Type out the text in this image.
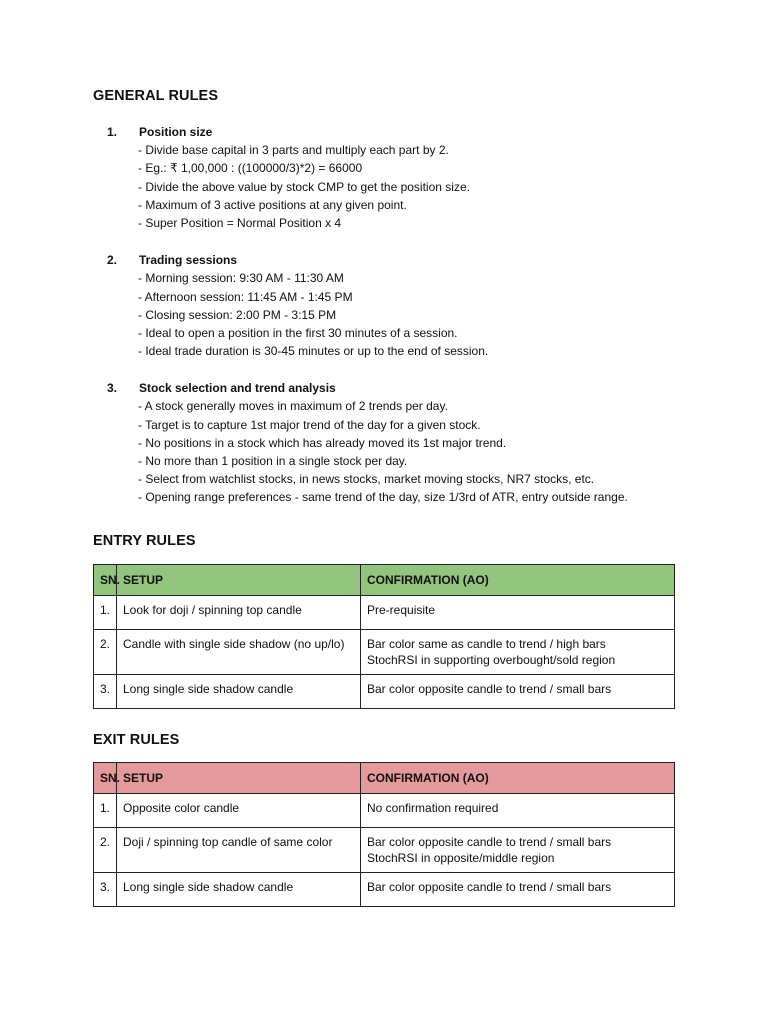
GENERAL RULES
1. Position size
- Divide base capital in 3 parts and multiply each part by 2.
- Eg.: ₹ 1,00,000 : ((100000/3)*2) = 66000
- Divide the above value by stock CMP to get the position size.
- Maximum of 3 active positions at any given point.
- Super Position = Normal Position x 4
2. Trading sessions
- Morning session: 9:30 AM - 11:30 AM
- Afternoon session: 11:45 AM - 1:45 PM
- Closing session: 2:00 PM - 3:15 PM
- Ideal to open a position in the first 30 minutes of a session.
- Ideal trade duration is 30-45 minutes or up to the end of session.
3. Stock selection and trend analysis
- A stock generally moves in maximum of 2 trends per day.
- Target is to capture 1st major trend of the day for a given stock.
- No positions in a stock which has already moved its 1st major trend.
- No more than 1 position in a single stock per day.
- Select from watchlist stocks, in news stocks, market moving stocks, NR7 stocks, etc.
- Opening range preferences - same trend of the day, size 1/3rd of ATR, entry outside range.
ENTRY RULES
SN.	SETUP	CONFIRMATION (AO)
1.	Look for doji / spinning top candle	Pre-requisite

2.	Candle with single side shadow (no up/lo)	Bar color same as candle to trend / high bars
StochRSI in supporting overbought/sold region

3.	Long single side shadow candle	Bar color opposite candle to trend / small bars
EXIT RULES
SN.	SETUP	CONFIRMATION (AO)
1.	Opposite color candle	No confirmation required

2.	Doji / spinning top candle of same color	Bar color opposite candle to trend / small bars
StochRSI in opposite/middle region

3.	Long single side shadow candle	Bar color opposite candle to trend / small bars
